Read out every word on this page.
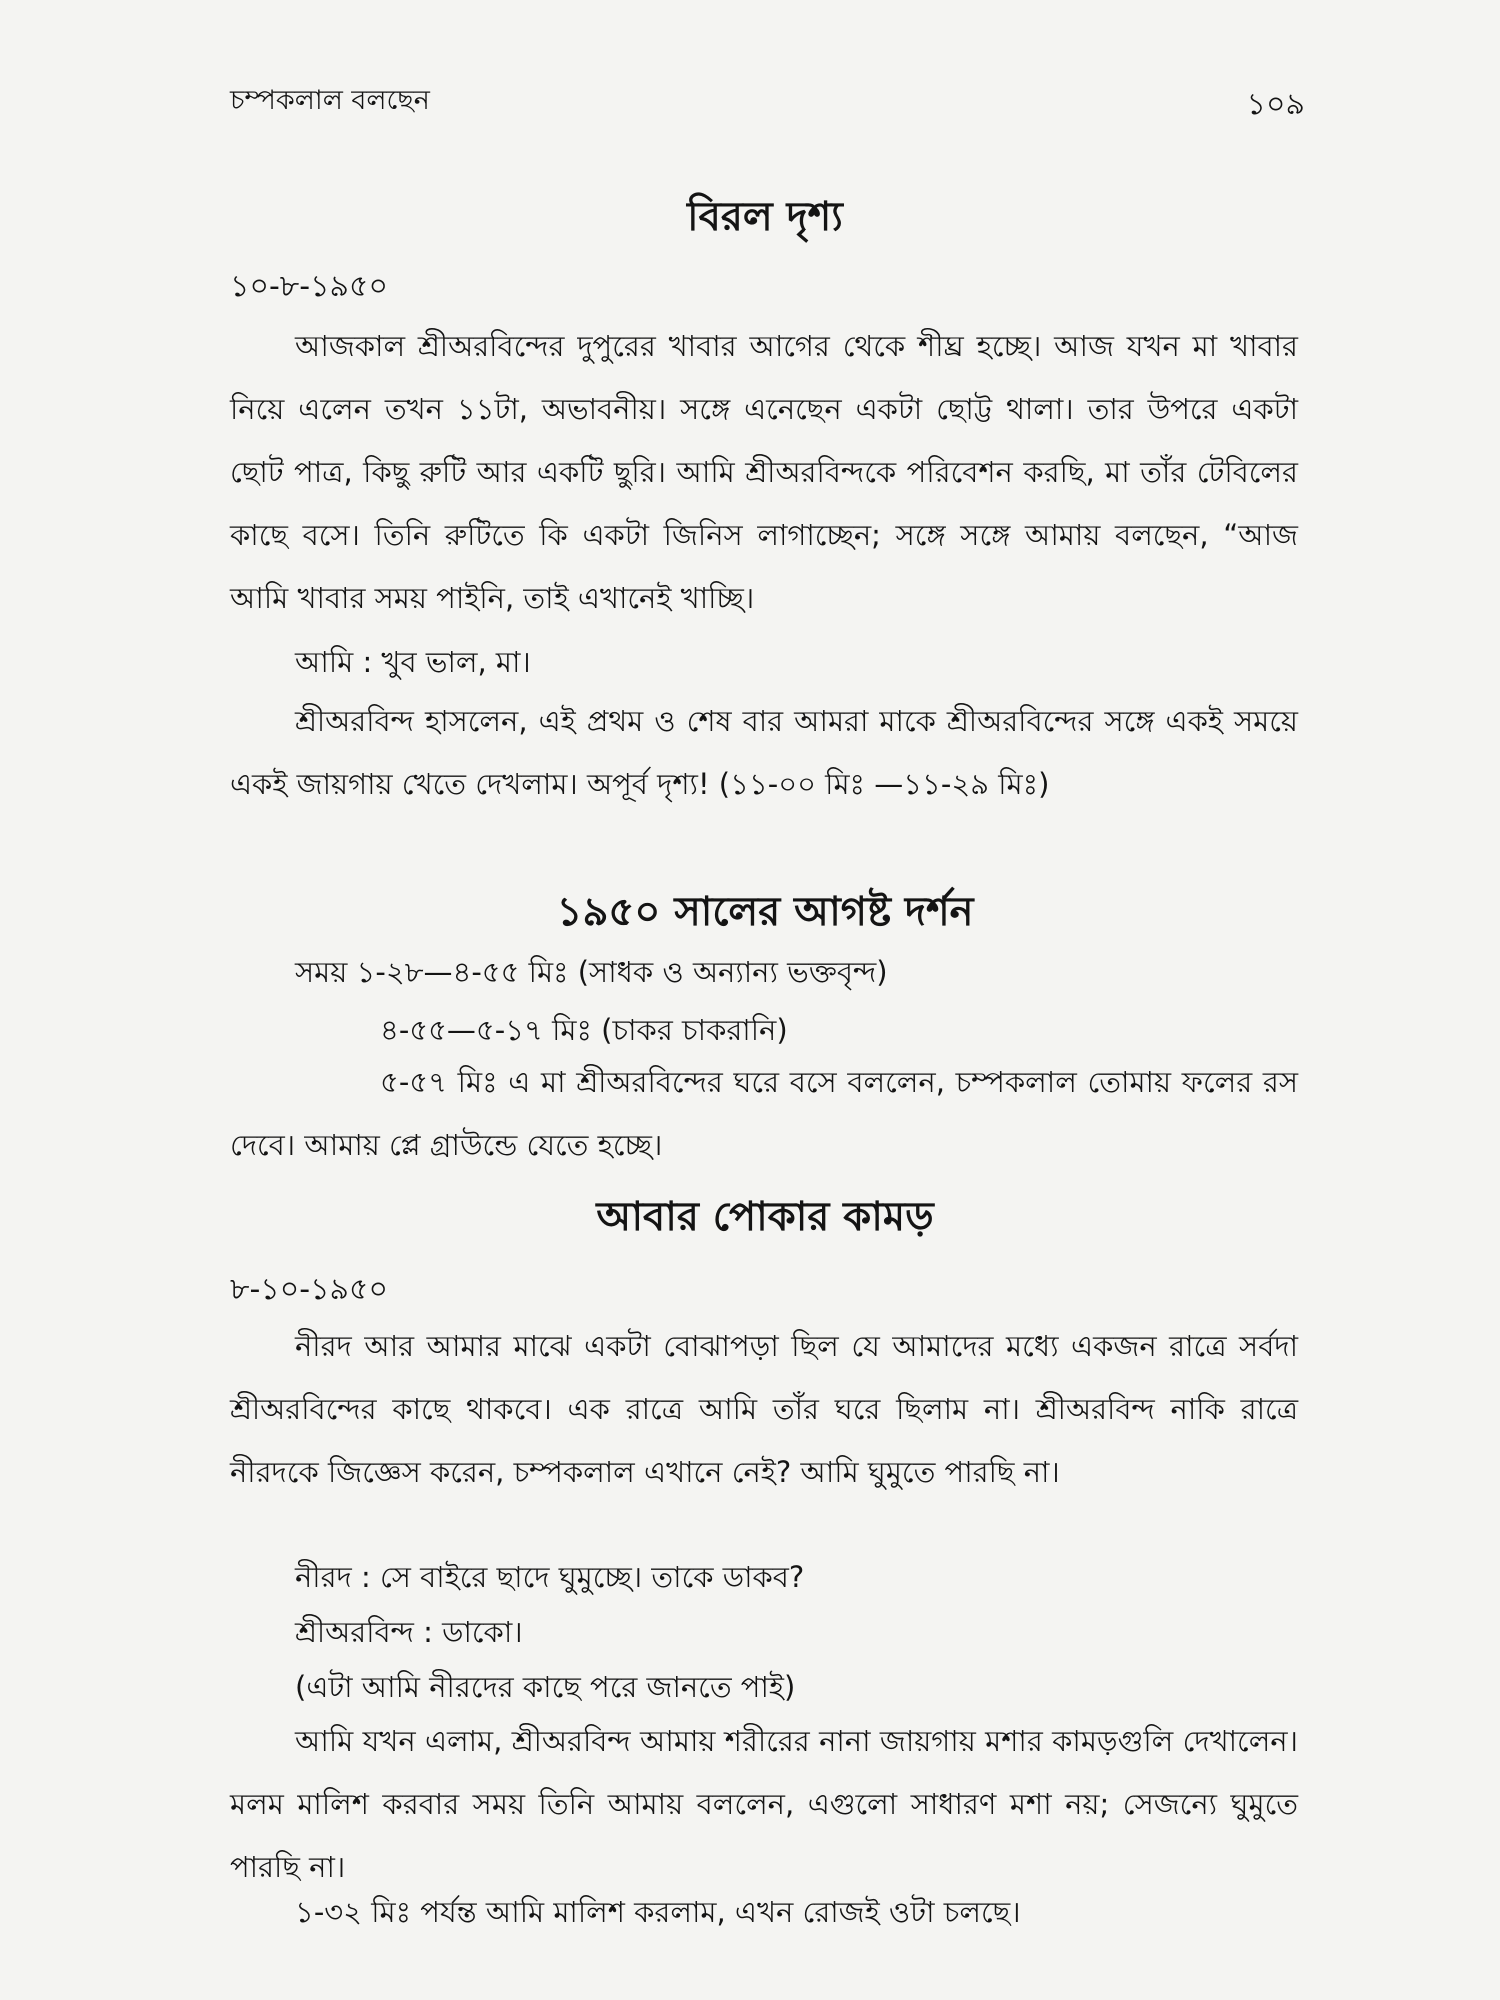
চম্পকলাল বলছেন	১০৯
বিরল দৃশ্য
১০-৮-১৯৫০

আজকাল শ্রীঅরবিন্দের দুপুরের খাবার আগের থেকে শীঘ্র হচ্ছে। আজ যখন মা খাবার নিয়ে এলেন তখন ১১টা, অভাবনীয়। সঙ্গে এনেছেন একটা ছোট্ট থালা। তার উপরে একটা ছোট পাত্র, কিছু রুটি আর একটি ছুরি। আমি শ্রীঅরবিন্দকে পরিবেশন করছি, মা তাঁর টেবিলের কাছে বসে। তিনি রুটিতে কি একটা জিনিস লাগাচ্ছেন; সঙ্গে সঙ্গে আমায় বলছেন, “আজ আমি খাবার সময় পাইনি, তাই এখানেই খাচ্ছি।

আমি : খুব ভাল, মা।

শ্রীঅরবিন্দ হাসলেন, এই প্রথম ও শেষ বার আমরা মাকে শ্রীঅরবিন্দের সঙ্গে একই সময়ে একই জায়গায় খেতে দেখলাম। অপূর্ব দৃশ্য! (১১-০০ মিঃ —১১-২৯ মিঃ)

১৯৫০ সালের আগষ্ট দর্শন

সময় ১-২৮—৪-৫৫ মিঃ (সাধক ও অন্যান্য ভক্তবৃন্দ)

৪-৫৫—৫-১৭ মিঃ (চাকর চাকরানি)

৫-৫৭ মিঃ এ মা শ্রীঅরবিন্দের ঘরে বসে বললেন, চম্পকলাল তোমায় ফলের রস দেবে। আমায় প্লে গ্রাউন্ডে যেতে হচ্ছে।

আবার পোকার কামড়
৮-১০-১৯৫০

নীরদ আর আমার মাঝে একটা বোঝাপড়া ছিল যে আমাদের মধ্যে একজন রাত্রে সর্বদা শ্রীঅরবিন্দের কাছে থাকবে। এক রাত্রে আমি তাঁর ঘরে ছিলাম না। শ্রীঅরবিন্দ নাকি রাত্রে নীরদকে জিজ্ঞেস করেন, চম্পকলাল এখানে নেই? আমি ঘুমুতে পারছি না।

নীরদ : সে বাইরে ছাদে ঘুমুচ্ছে। তাকে ডাকব?

শ্রীঅরবিন্দ : ডাকো।

(এটা আমি নীরদের কাছে পরে জানতে পাই)

আমি যখন এলাম, শ্রীঅরবিন্দ আমায় শরীরের নানা জায়গায় মশার কামড়গুলি দেখালেন। মলম মালিশ করবার সময় তিনি আমায় বললেন, এগুলো সাধারণ মশা নয়; সেজন্যে ঘুমুতে পারছি না।

১-৩২ মিঃ পর্যন্ত আমি মালিশ করলাম, এখন রোজই ওটা চলছে।
